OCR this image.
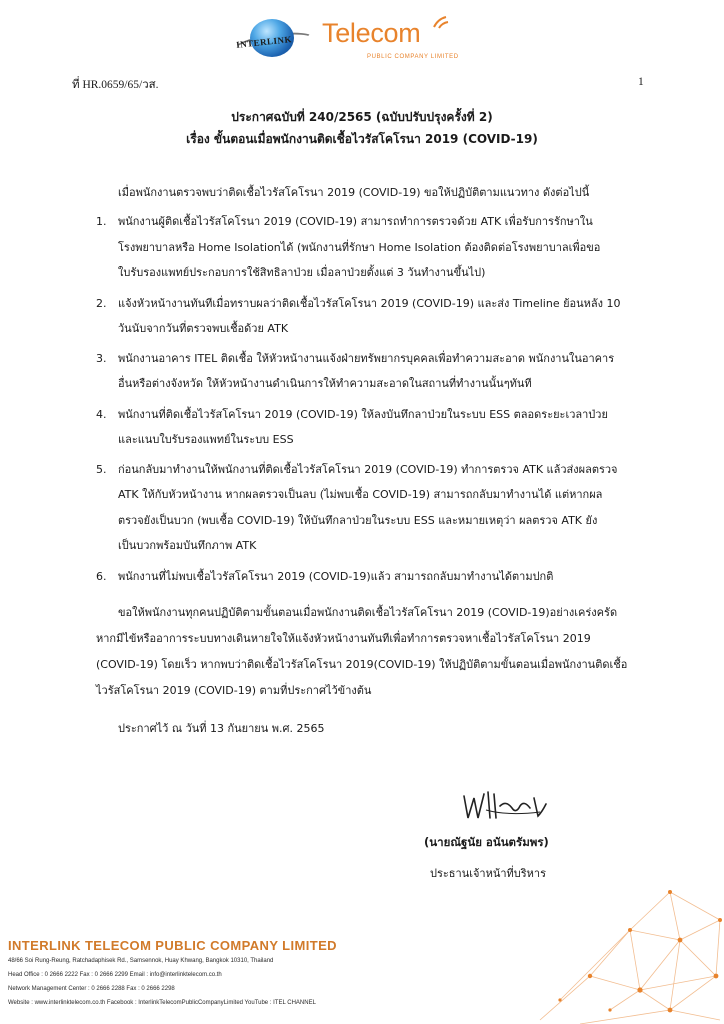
INTERLINK Telecom
PUBLIC COMPANY LIMITED
ที่ HR.0659/65/วส.	1
ประกาศฉบับที่ 240/2565 (ฉบับปรับปรุงครั้งที่ 2)
เรื่อง ขั้นตอนเมื่อพนักงานติดเชื้อไวรัสโคโรนา 2019 (COVID-19)
เมื่อพนักงานตรวจพบว่าติดเชื้อไวรัสโคโรนา 2019 (COVID-19) ขอให้ปฏิบัติตามแนวทาง ดังต่อไปนี้
1. พนักงานผู้ติดเชื้อไวรัสโคโรนา 2019 (COVID-19) สามารถทำการตรวจด้วย ATK เพื่อรับการรักษาใน
โรงพยาบาลหรือ Home Isolationได้ (พนักงานที่รักษา Home Isolation ต้องติดต่อโรงพยาบาลเพื่อขอ
ใบรับรองแพทย์ประกอบการใช้สิทธิลาป่วย เมื่อลาป่วยตั้งแต่ 3 วันทำงานขึ้นไป)
2. แจ้งหัวหน้างานทันทีเมื่อทราบผลว่าติดเชื้อไวรัสโคโรนา 2019 (COVID-19) และส่ง Timeline ย้อนหลัง 10
วันนับจากวันที่ตรวจพบเชื้อด้วย ATK
3. พนักงานอาคาร ITEL ติดเชื้อ ให้หัวหน้างานแจ้งฝ่ายทรัพยากรบุคคลเพื่อทำความสะอาด พนักงานในอาคาร
อื่นหรือต่างจังหวัด ให้หัวหน้างานดำเนินการให้ทำความสะอาดในสถานที่ทำงานนั้นๆทันที
4. พนักงานที่ติดเชื้อไวรัสโคโรนา 2019 (COVID-19) ให้ลงบันทึกลาป่วยในระบบ ESS ตลอดระยะเวลาป่วย
และแนบใบรับรองแพทย์ในระบบ ESS
5. ก่อนกลับมาทำงานให้พนักงานที่ติดเชื้อไวรัสโคโรนา 2019 (COVID-19) ทำการตรวจ ATK แล้วส่งผลตรวจ
ATK ให้กับหัวหน้างาน หากผลตรวจเป็นลบ (ไม่พบเชื้อ COVID-19) สามารถกลับมาทำงานได้ แต่หากผล
ตรวจยังเป็นบวก (พบเชื้อ COVID-19) ให้บันทึกลาป่วยในระบบ ESS และหมายเหตุว่า ผลตรวจ ATK ยัง
เป็นบวกพร้อมบันทึกภาพ ATK
6. พนักงานที่ไม่พบเชื้อไวรัสโคโรนา 2019 (COVID-19)แล้ว สามารถกลับมาทำงานได้ตามปกติ
ขอให้พนักงานทุกคนปฏิบัติตามขั้นตอนเมื่อพนักงานติดเชื้อไวรัสโคโรนา 2019 (COVID-19)อย่างเคร่งครัด
หากมีไข้หรืออาการระบบทางเดินหายใจให้แจ้งหัวหน้างานทันทีเพื่อทำการตรวจหาเชื้อไวรัสโคโรนา 2019
(COVID-19) โดยเร็ว หากพบว่าติดเชื้อไวรัสโคโรนา 2019(COVID-19) ให้ปฏิบัติตามขั้นตอนเมื่อพนักงานติดเชื้อ
ไวรัสโคโรนา 2019 (COVID-19) ตามที่ประกาศไว้ข้างต้น
ประกาศไว้ ณ วันที่ 13 กันยายน พ.ศ. 2565
(นายณัฐนัย อนันตรัมพร)
ประธานเจ้าหน้าที่บริหาร
INTERLINK TELECOM PUBLIC COMPANY LIMITED
48/66 Soi Rung-Reung, Ratchadaphisek Rd., Samsennok, Huay Khwang, Bangkok 10310, Thailand
Head Office : 0 2666 2222 Fax : 0 2666 2299 Email : info@interlinktelecom.co.th
Network Management Center : 0 2666 2288 Fax : 0 2666 2298
Website : www.interlinktelecom.co.th Facebook : InterlinkTelecomPublicCompanyLimited YouTube : ITEL CHANNEL
